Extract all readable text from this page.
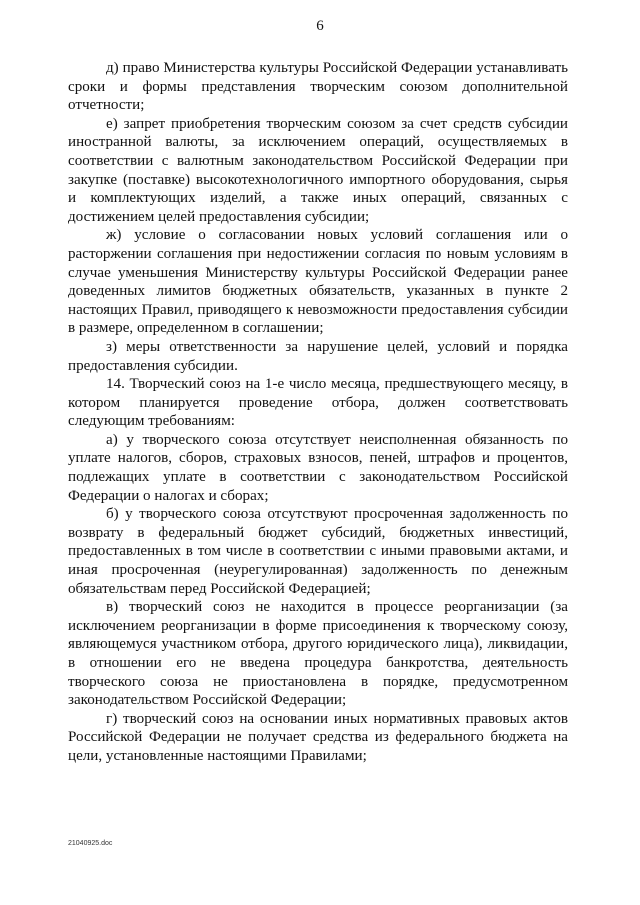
6

д) право Министерства культуры Российской Федерации устанавливать сроки и формы представления творческим союзом дополнительной отчетности;

е) запрет приобретения творческим союзом за счет средств субсидии иностранной валюты, за исключением операций, осуществляемых в соответствии с валютным законодательством Российской Федерации при закупке (поставке) высокотехнологичного импортного оборудования, сырья и комплектующих изделий, а также иных операций, связанных с достижением целей предоставления субсидии;

ж) условие о согласовании новых условий соглашения или о расторжении соглашения при недостижении согласия по новым условиям в случае уменьшения Министерству культуры Российской Федерации ранее доведенных лимитов бюджетных обязательств, указанных в пункте 2 настоящих Правил, приводящего к невозможности предоставления субсидии в размере, определенном в соглашении;

з) меры ответственности за нарушение целей, условий и порядка предоставления субсидии.

14. Творческий союз на 1-е число месяца, предшествующего месяцу, в котором планируется проведение отбора, должен соответствовать следующим требованиям:

а) у творческого союза отсутствует неисполненная обязанность по уплате налогов, сборов, страховых взносов, пеней, штрафов и процентов, подлежащих уплате в соответствии с законодательством Российской Федерации о налогах и сборах;

б) у творческого союза отсутствуют просроченная задолженность по возврату в федеральный бюджет субсидий, бюджетных инвестиций, предоставленных в том числе в соответствии с иными правовыми актами, и иная просроченная (неурегулированная) задолженность по денежным обязательствам перед Российской Федерацией;

в) творческий союз не находится в процессе реорганизации (за исключением реорганизации в форме присоединения к творческому союзу, являющемуся участником отбора, другого юридического лица), ликвидации, в отношении его не введена процедура банкротства, деятельность творческого союза не приостановлена в порядке, предусмотренном законодательством Российской Федерации;

г) творческий союз на основании иных нормативных правовых актов Российской Федерации не получает средства из федерального бюджета на цели, установленные настоящими Правилами;

21040925.doc
